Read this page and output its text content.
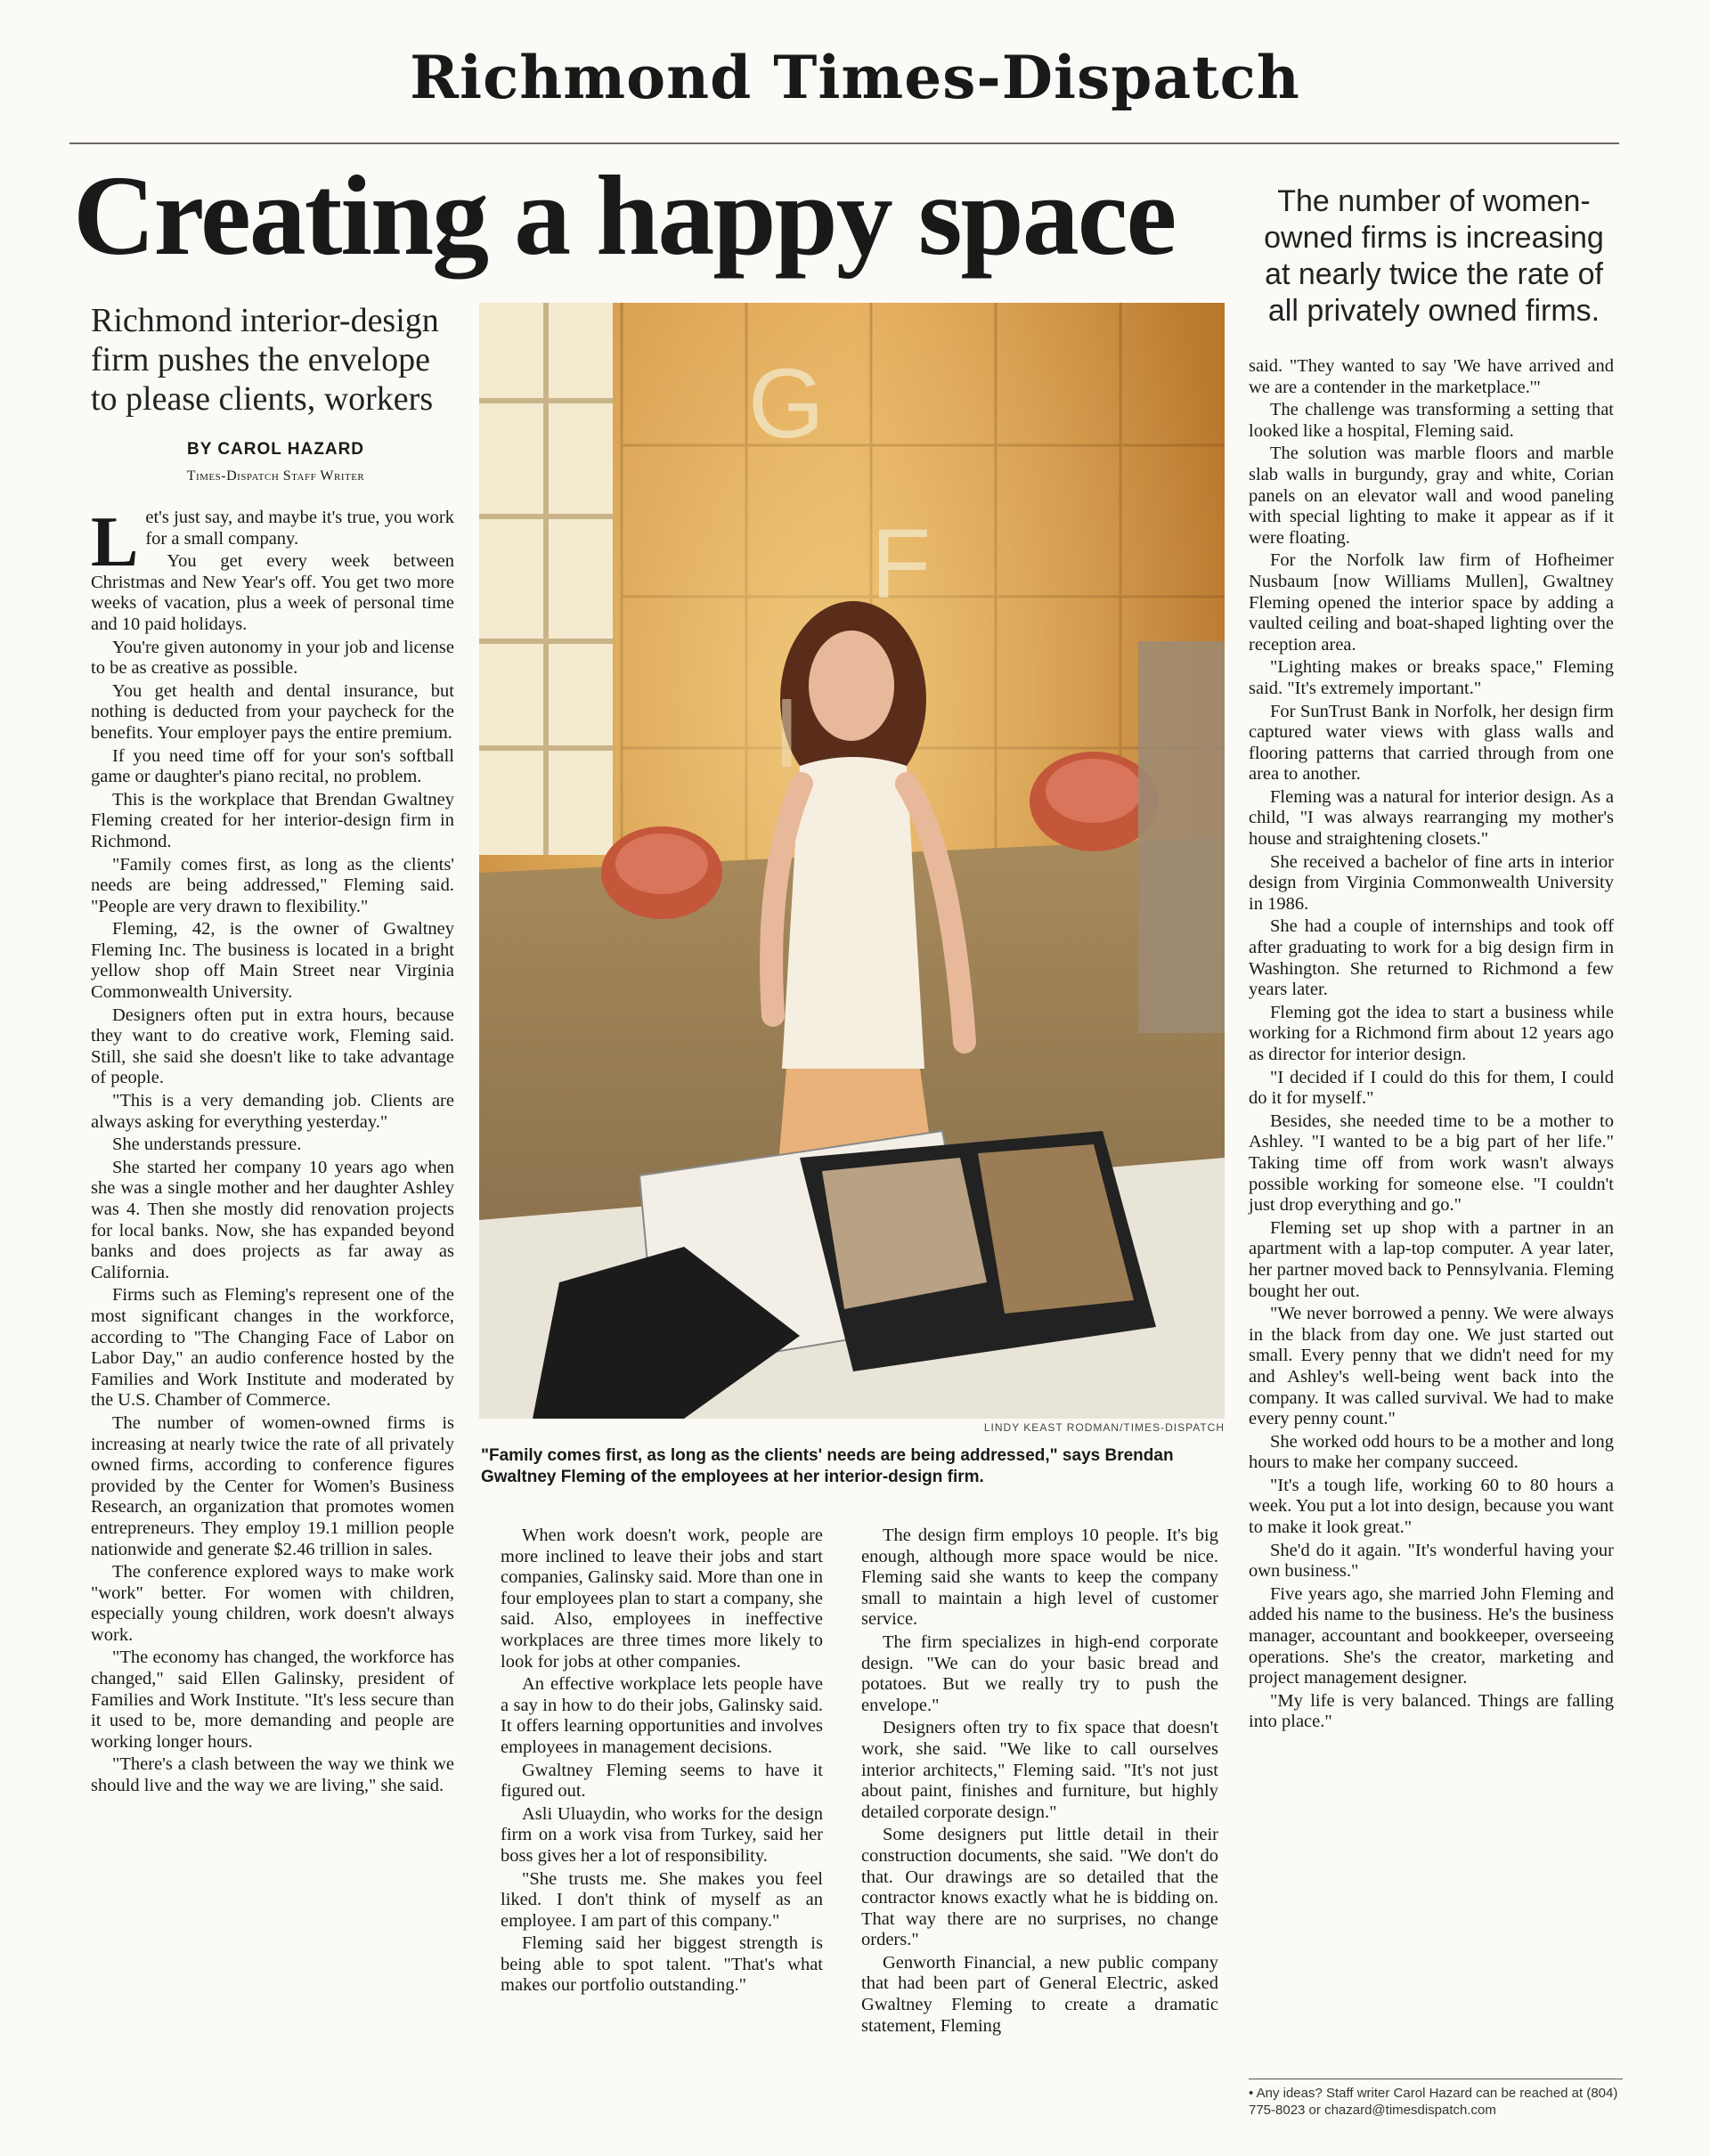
Richmond Times-Dispatch
Creating a happy space	The number of women-owned firms is increasing at nearly twice the rate of all privately owned firms.
Richmond interior-design firm pushes the envelope to please clients, workers
BY CAROL HAZARD
Times-Dispatch Staff Writer

Let's just say, and maybe it's true, you work for a small company.

You get every week between Christmas and New Year's off. You get two more weeks of vacation, plus a week of personal time and 10 paid holidays.

You're given autonomy in your job and license to be as creative as possible.

You get health and dental insurance, but nothing is deducted from your paycheck for the benefits. Your employer pays the entire premium.

If you need time off for your son's softball game or daughter's piano recital, no problem.

This is the workplace that Brendan Gwaltney Fleming created for her interior-design firm in Richmond.

"Family comes first, as long as the clients' needs are being addressed," Fleming said. "People are very drawn to flexibility."

Fleming, 42, is the owner of Gwaltney Fleming Inc. The business is located in a bright yellow shop off Main Street near Virginia Commonwealth University.

Designers often put in extra hours, because they want to do creative work, Fleming said. Still, she said she doesn't like to take advantage of people.

"This is a very demanding job. Clients are always asking for everything yesterday."

She understands pressure.

She started her company 10 years ago when she was a single mother and her daughter Ashley was 4. Then she mostly did renovation projects for local banks. Now, she has expanded beyond banks and does projects as far away as California.

Firms such as Fleming's represent one of the most significant changes in the workforce, according to "The Changing Face of Labor on Labor Day," an audio conference hosted by the Families and Work Institute and moderated by the U.S. Chamber of Commerce.

The number of women-owned firms is increasing at nearly twice the rate of all privately owned firms, according to conference figures provided by the Center for Women's Business Research, an organization that promotes women entrepreneurs. They employ 19.1 million people nationwide and generate $2.46 trillion in sales.

The conference explored ways to make work "work" better. For women with children, especially young children, work doesn't always work.

"The economy has changed, the workforce has changed," said Ellen Galinsky, president of Families and Work Institute. "It's less secure than it used to be, more demanding and people are working longer hours.

"There's a clash between the way we think we should live and the way we are living," she said.

G
F
I
LINDY KEAST RODMAN/TIMES-DISPATCH
"Family comes first, as long as the clients' needs are being addressed," says Brendan Gwaltney Fleming of the employees at her interior-design firm.

When work doesn't work, people are more inclined to leave their jobs and start companies, Galinsky said. More than one in four employees plan to start a company, she said. Also, employees in ineffective workplaces are three times more likely to look for jobs at other companies.

An effective workplace lets people have a say in how to do their jobs, Galinsky said. It offers learning opportunities and involves employees in management decisions.

Gwaltney Fleming seems to have it figured out.

Asli Uluaydin, who works for the design firm on a work visa from Turkey, said her boss gives her a lot of responsibility.

"She trusts me. She makes you feel liked. I don't think of myself as an employee. I am part of this company."

Fleming said her biggest strength is being able to spot talent. "That's what makes our portfolio outstanding."

The design firm employs 10 people. It's big enough, although more space would be nice. Fleming said she wants to keep the company small to maintain a high level of customer service.

The firm specializes in high-end corporate design. "We can do your basic bread and potatoes. But we really try to push the envelope."

Designers often try to fix space that doesn't work, she said. "We like to call ourselves interior architects," Fleming said. "It's not just about paint, finishes and furniture, but highly detailed corporate design."

Some designers put little detail in their construction documents, she said. "We don't do that. Our drawings are so detailed that the contractor knows exactly what he is bidding on. That way there are no surprises, no change orders."

Genworth Financial, a new public company that had been part of General Electric, asked Gwaltney Fleming to create a dramatic statement, Fleming

said. "They wanted to say 'We have arrived and we are a contender in the marketplace.'"

The challenge was transforming a setting that looked like a hospital, Fleming said.

The solution was marble floors and marble slab walls in burgundy, gray and white, Corian panels on an elevator wall and wood paneling with special lighting to make it appear as if it were floating.

For the Norfolk law firm of Hofheimer Nusbaum [now Williams Mullen], Gwaltney Fleming opened the interior space by adding a vaulted ceiling and boat-shaped lighting over the reception area.

"Lighting makes or breaks space," Fleming said. "It's extremely important."

For SunTrust Bank in Norfolk, her design firm captured water views with glass walls and flooring patterns that carried through from one area to another.

Fleming was a natural for interior design. As a child, "I was always rearranging my mother's house and straightening closets."

She received a bachelor of fine arts in interior design from Virginia Commonwealth University in 1986.

She had a couple of internships and took off after graduating to work for a big design firm in Washington. She returned to Richmond a few years later.

Fleming got the idea to start a business while working for a Richmond firm about 12 years ago as director for interior design.

"I decided if I could do this for them, I could do it for myself."

Besides, she needed time to be a mother to Ashley. "I wanted to be a big part of her life." Taking time off from work wasn't always possible working for someone else. "I couldn't just drop everything and go."

Fleming set up shop with a partner in an apartment with a lap-top computer. A year later, her partner moved back to Pennsylvania. Fleming bought her out.

"We never borrowed a penny. We were always in the black from day one. We just started out small. Every penny that we didn't need for my and Ashley's well-being went back into the company. It was called survival. We had to make every penny count."

She worked odd hours to be a mother and long hours to make her company succeed.

"It's a tough life, working 60 to 80 hours a week. You put a lot into design, because you want to make it look great."

She'd do it again. "It's wonderful having your own business."

Five years ago, she married John Fleming and added his name to the business. He's the business manager, accountant and bookkeeper, overseeing operations. She's the creator, marketing and project management designer.

"My life is very balanced. Things are falling into place."

• Any ideas? Staff writer Carol Hazard can be reached at (804) 775-8023 or chazard@timesdispatch.com
